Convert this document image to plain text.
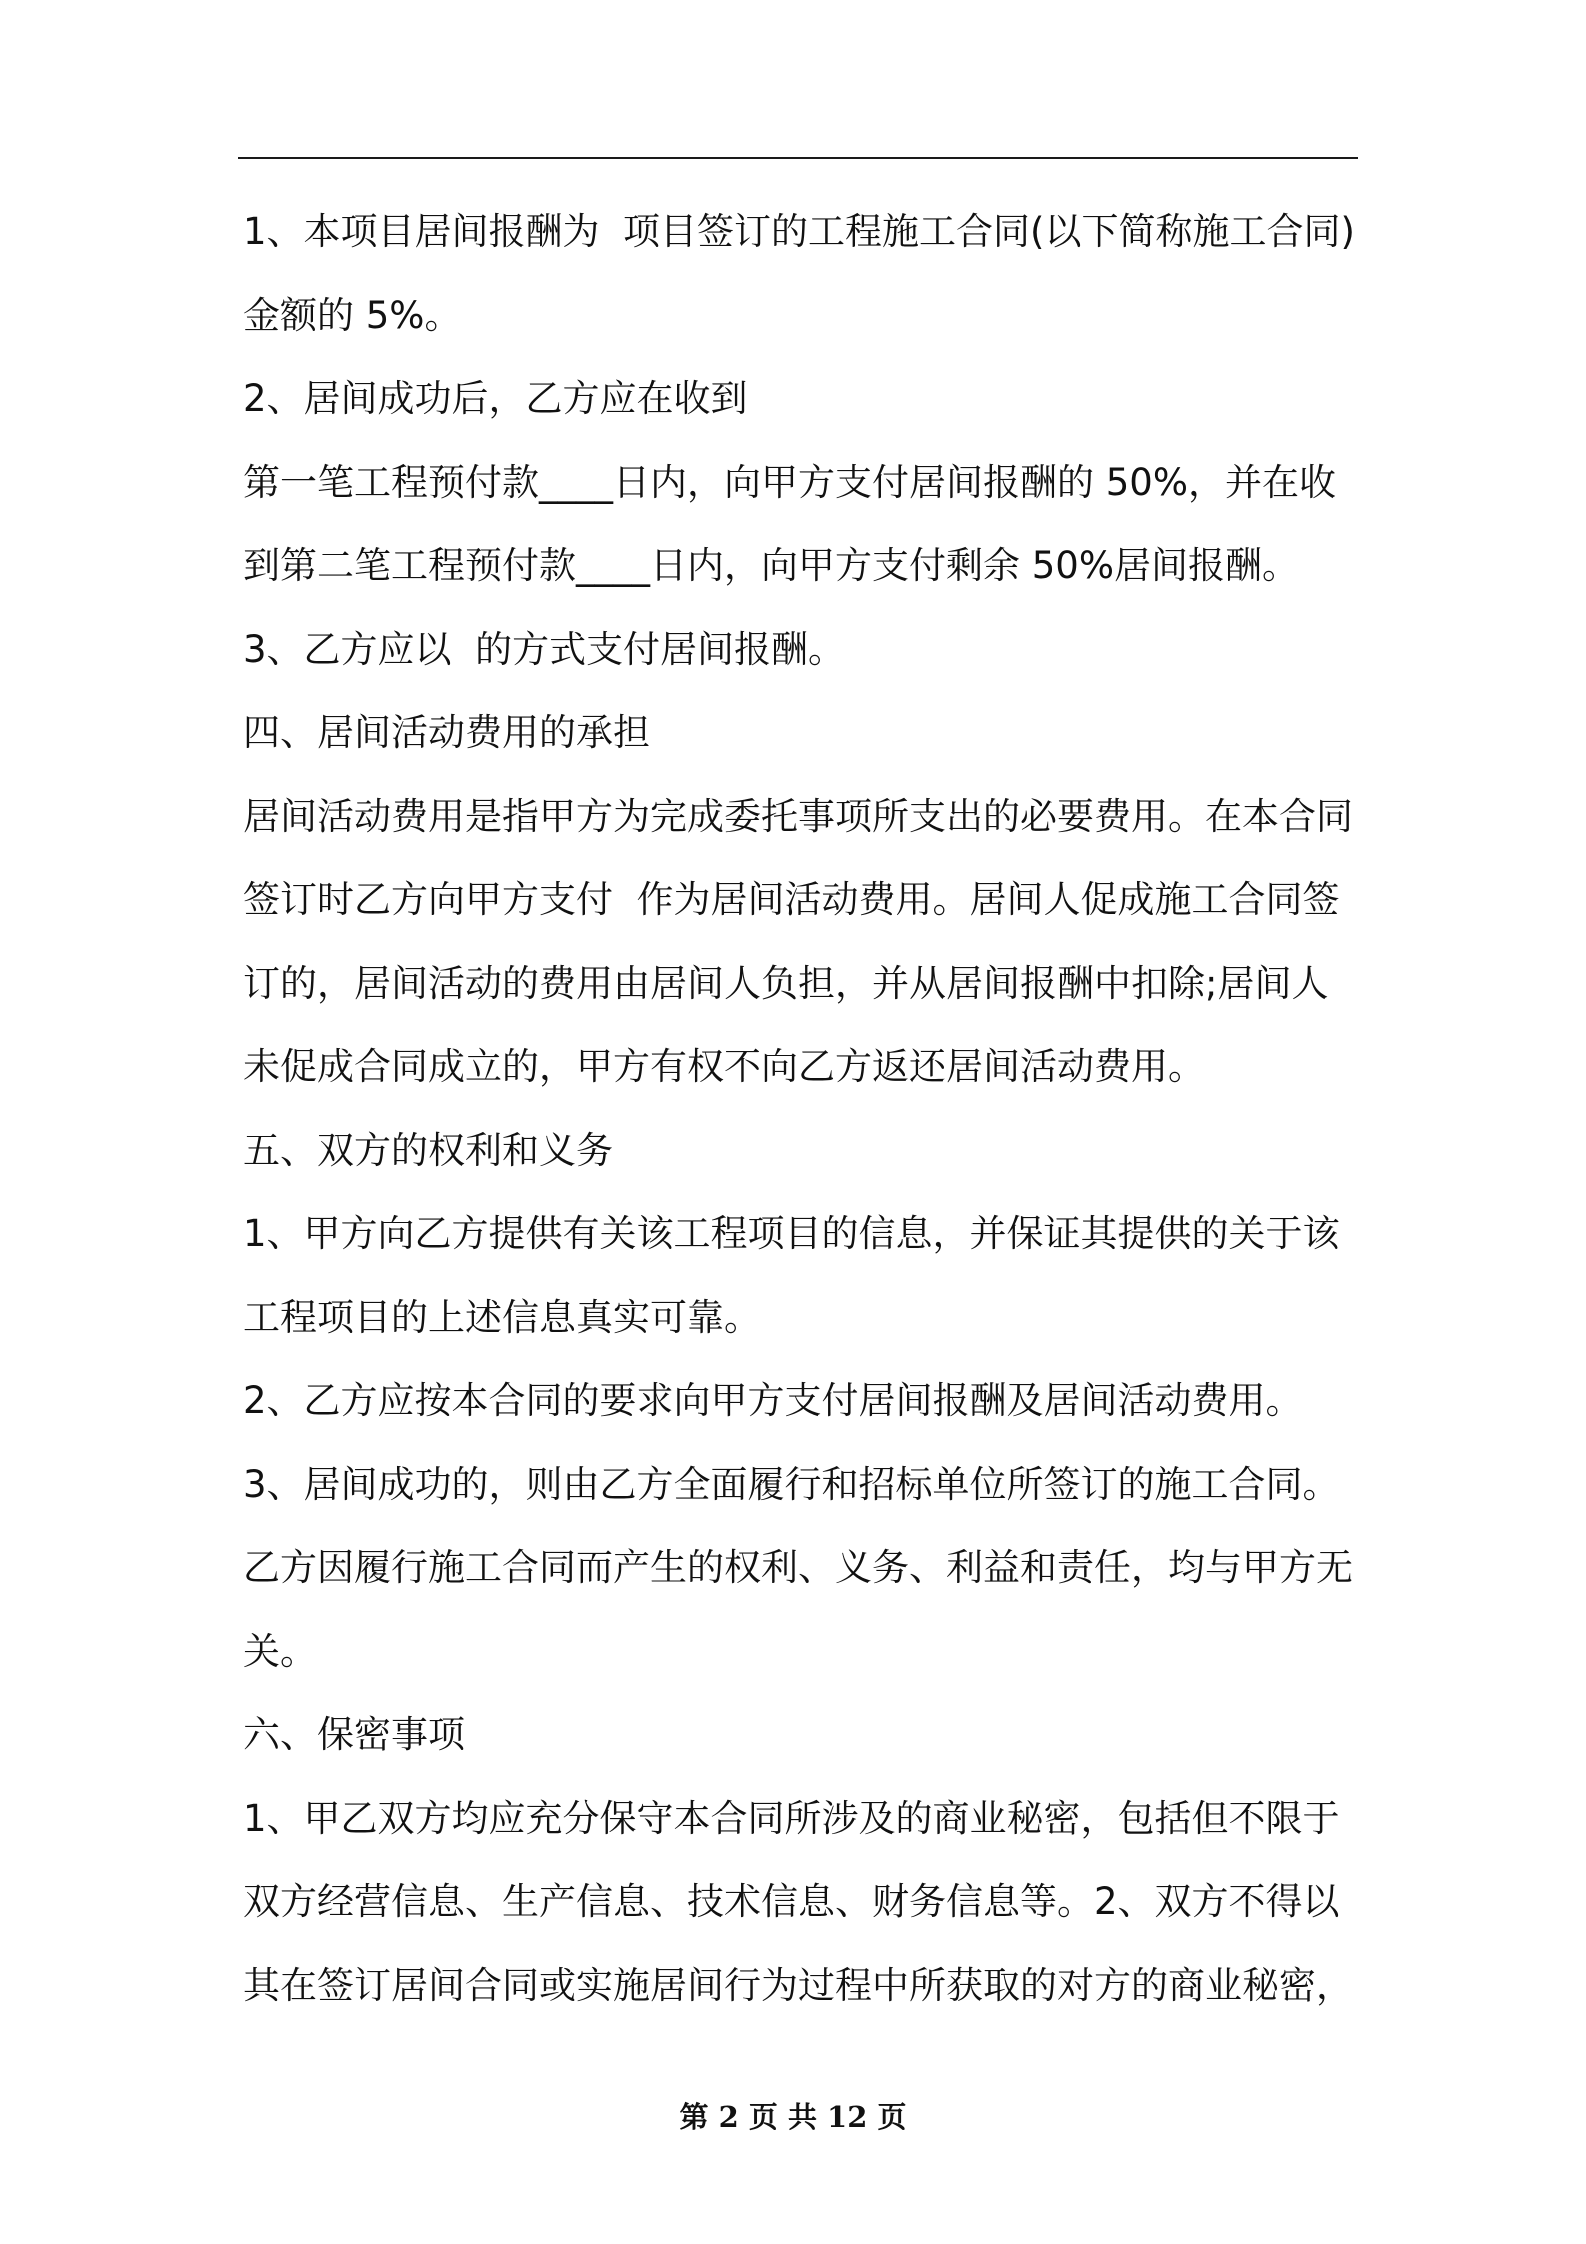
1、本项目居间报酬为  项目签订的工程施工合同(以下简称施工合同)
金额的 5%。
2、居间成功后，乙方应在收到
第一笔工程预付款____日内，向甲方支付居间报酬的 50%，并在收
到第二笔工程预付款____日内，向甲方支付剩余 50%居间报酬。
3、乙方应以  的方式支付居间报酬。
四、居间活动费用的承担
居间活动费用是指甲方为完成委托事项所支出的必要费用。在本合同
签订时乙方向甲方支付  作为居间活动费用。居间人促成施工合同签
订的，居间活动的费用由居间人负担，并从居间报酬中扣除;居间人
未促成合同成立的，甲方有权不向乙方返还居间活动费用。
五、双方的权利和义务
1、甲方向乙方提供有关该工程项目的信息，并保证其提供的关于该
工程项目的上述信息真实可靠。
2、乙方应按本合同的要求向甲方支付居间报酬及居间活动费用。
3、居间成功的，则由乙方全面履行和招标单位所签订的施工合同。
乙方因履行施工合同而产生的权利、义务、利益和责任，均与甲方无
关。
六、保密事项
1、甲乙双方均应充分保守本合同所涉及的商业秘密，包括但不限于
双方经营信息、生产信息、技术信息、财务信息等。2、双方不得以
其在签订居间合同或实施居间行为过程中所获取的对方的商业秘密，
第 2 页 共 12 页
